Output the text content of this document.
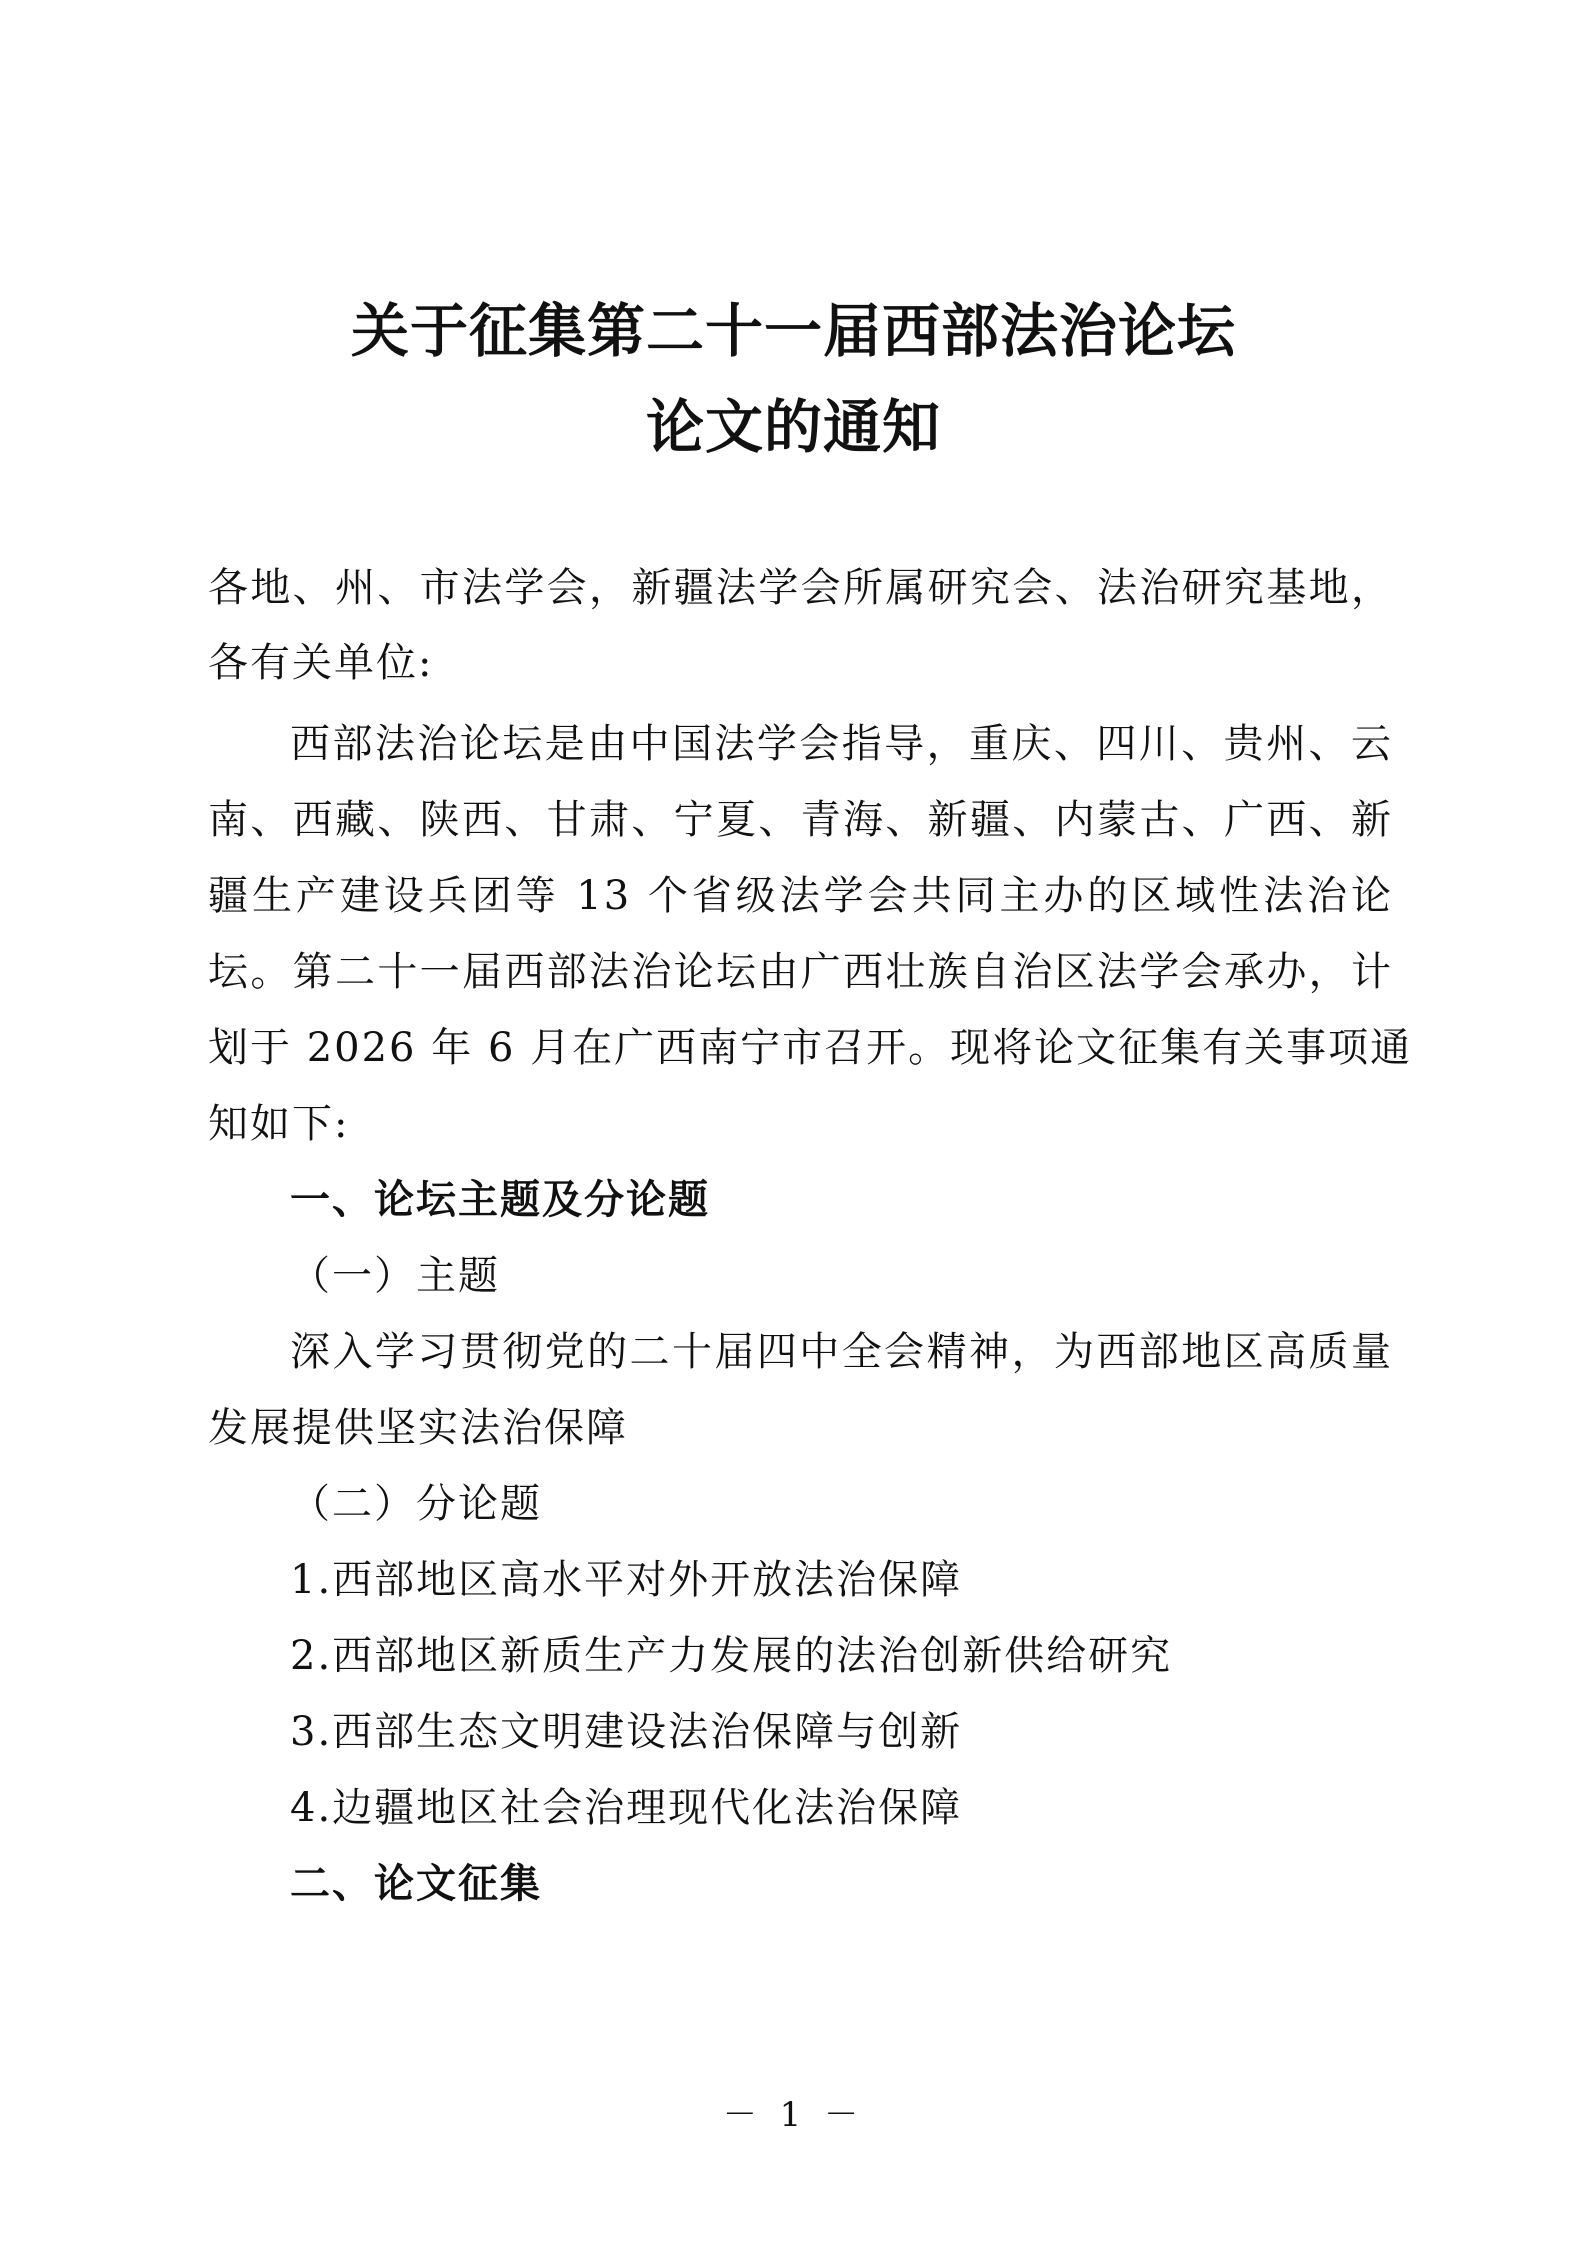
关于征集第二十一届西部法治论坛
论文的通知
各地、州、市法学会，新疆法学会所属研究会、法治研究基地，
各有关单位:
西部法治论坛是由中国法学会指导，重庆、四川、贵州、云
南、西藏、陕西、甘肃、宁夏、青海、新疆、内蒙古、广西、新
疆生产建设兵团等 13 个省级法学会共同主办的区域性法治论
坛。第二十一届西部法治论坛由广西壮族自治区法学会承办，计
划于 2026 年 6 月在广西南宁市召开。现将论文征集有关事项通
知如下:
一、论坛主题及分论题
（一）主题
深入学习贯彻党的二十届四中全会精神，为西部地区高质量
发展提供坚实法治保障
（二）分论题
1.西部地区高水平对外开放法治保障
2.西部地区新质生产力发展的法治创新供给研究
3.西部生态文明建设法治保障与创新
4.边疆地区社会治理现代化法治保障
二、论文征集
－ 1 －
